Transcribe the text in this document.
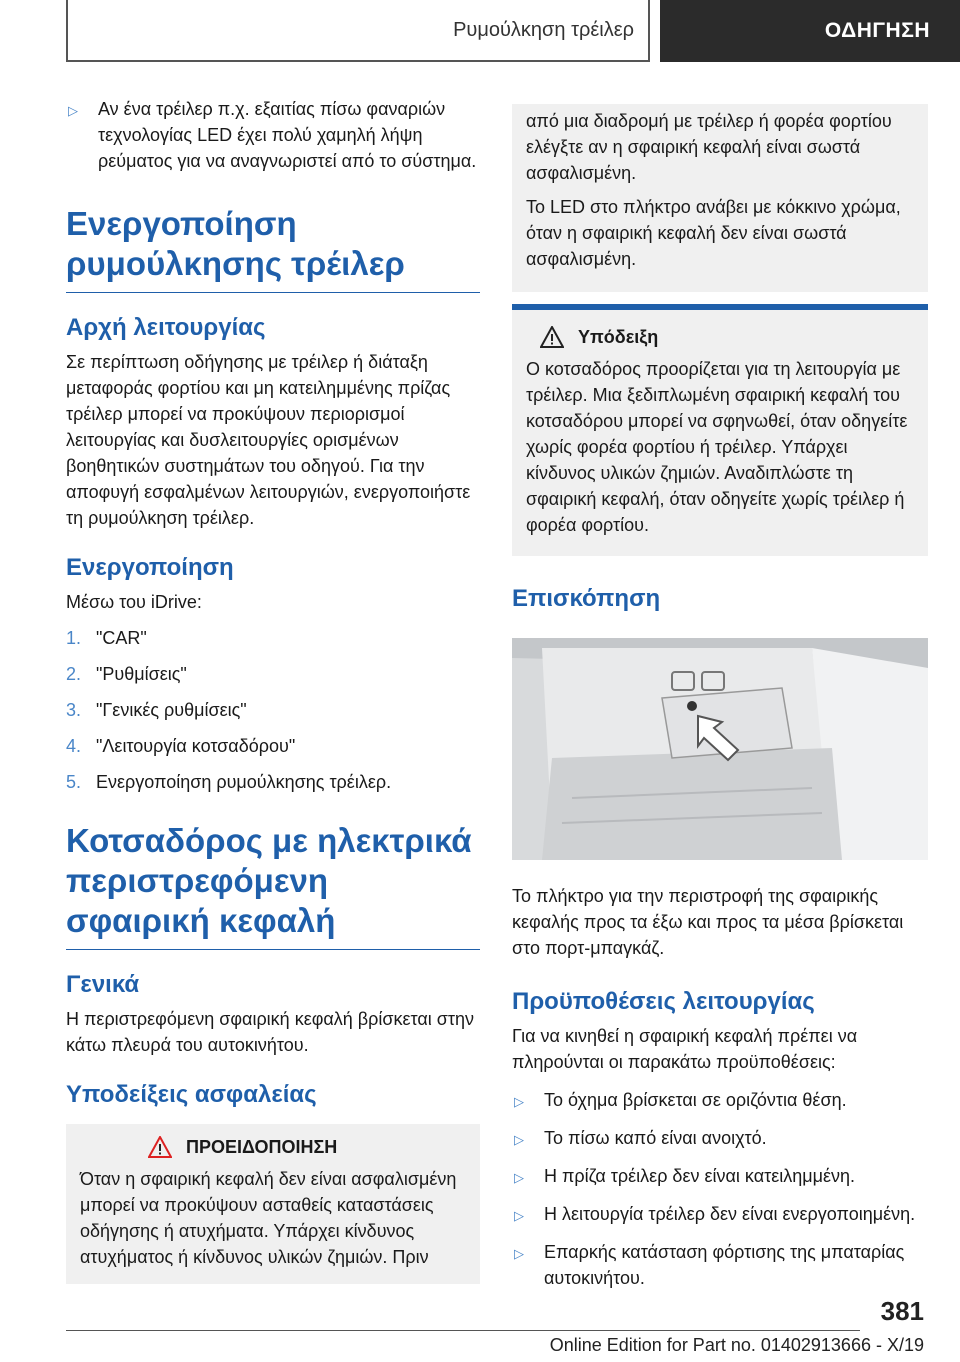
Ρυμούλκηση τρέιλερ	ΟΔΗΓΗΣΗ
▷	Αν ένα τρέιλερ π.χ. εξαιτίας πίσω φαναριών τεχνολογίας LED έχει πολύ χαμηλή λήψη ρεύματος για να αναγνωριστεί από το σύστημα.
Ενεργοποίηση ρυμούλκησης τρέιλερ
Αρχή λειτουργίας

Σε περίπτωση οδήγησης με τρέιλερ ή διάταξη μεταφοράς φορτίου και μη κατειλημμένης πρίζας τρέιλερ μπορεί να προκύψουν περιορισμοί λειτουργίας και δυσλειτουργίες ορισμένων βοηθητικών συστημάτων του οδηγού. Για την αποφυγή εσφαλμένων λειτουργιών, ενεργοποιήστε τη ρυμούλκηση τρέιλερ.

Ενεργοποίηση

Μέσω του iDrive:

1. "CAR"
2. "Ρυθμίσεις"
3. "Γενικές ρυθμίσεις"
4. "Λειτουργία κοτσαδόρου"
5. Ενεργοποίηση ρυμούλκησης τρέιλερ.
Κοτσαδόρος με ηλεκτρικά περιστρεφόμενη σφαιρική κεφαλή
Γενικά

Η περιστρεφόμενη σφαιρική κεφαλή βρίσκεται στην κάτω πλευρά του αυτοκινήτου.

Υποδείξεις ασφαλείας
ΠΡΟΕΙΔΟΠΟΙΗΣΗ

Όταν η σφαιρική κεφαλή δεν είναι ασφαλισμένη μπορεί να προκύψουν ασταθείς καταστάσεις οδήγησης ή ατυχήματα. Υπάρχει κίνδυνος ατυχήματος ή κίνδυνος υλικών ζημιών. Πριν

από μια διαδρομή με τρέιλερ ή φορέα φορτίου ελέγξτε αν η σφαιρική κεφαλή είναι σωστά ασφαλισμένη.

Το LED στο πλήκτρο ανάβει με κόκκινο χρώμα, όταν η σφαιρική κεφαλή δεν είναι σωστά ασφαλισμένη.

Υπόδειξη

Ο κοτσαδόρος προορίζεται για τη λειτουργία με τρέιλερ. Μια ξεδιπλωμένη σφαιρική κεφαλή του κοτσαδόρου μπορεί να σφηνωθεί, όταν οδηγείτε χωρίς φορέα φορτίου ή τρέιλερ. Υπάρχει κίνδυνος υλικών ζημιών. Αναδιπλώστε τη σφαιρική κεφαλή, όταν οδηγείτε χωρίς τρέιλερ ή φορέα φορτίου.

Επισκόπηση

Το πλήκτρο για την περιστροφή της σφαιρικής κεφαλής προς τα έξω και προς τα μέσα βρίσκεται στο πορτ-μπαγκάζ.

Προϋποθέσεις λειτουργίας

Για να κινηθεί η σφαιρική κεφαλή πρέπει να πληρούνται οι παρακάτω προϋποθέσεις:

▷	Το όχημα βρίσκεται σε οριζόντια θέση.
▷	Το πίσω καπό είναι ανοιχτό.
▷	Η πρίζα τρέιλερ δεν είναι κατειλημμένη.
▷	Η λειτουργία τρέιλερ δεν είναι ενεργοποιημένη.
▷	Επαρκής κατάσταση φόρτισης της μπαταρίας αυτοκινήτου.
381
Online Edition for Part no. 01402913666 - X/19
